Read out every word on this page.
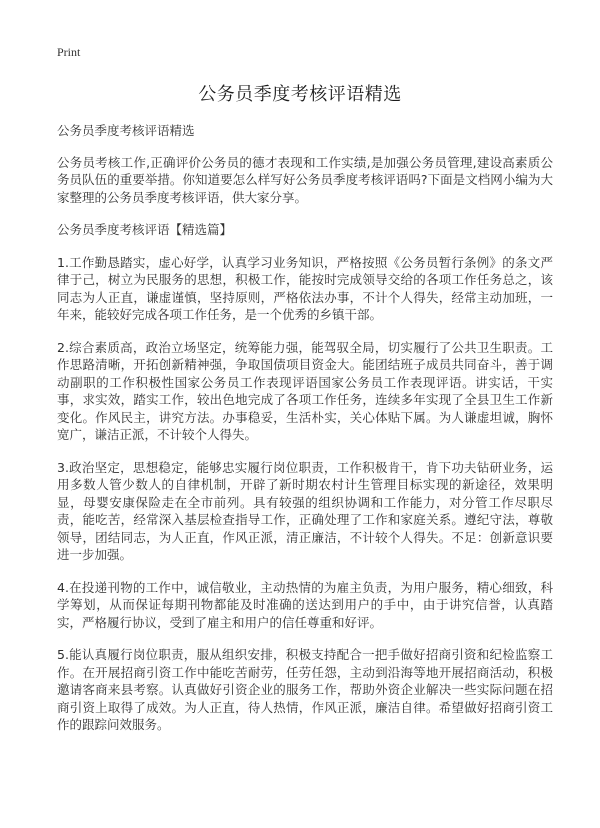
Print
公务员季度考核评语精选

公务员季度考核评语精选

公务员考核工作,正确评价公务员的德才表现和工作实绩,是加强公务员管理,建设高素质公务员队伍的重要举措。你知道要怎么样写好公务员季度考核评语吗?下面是文档网小编为大家整理的公务员季度考核评语，供大家分享。

公务员季度考核评语【精选篇】

1.工作勤恳踏实，虚心好学，认真学习业务知识，严格按照《公务员暂行条例》的条文严律于己，树立为民服务的思想，积极工作，能按时完成领导交给的各项工作任务总之，该同志为人正直，谦虚谨慎，坚持原则，严格依法办事，不计个人得失，经常主动加班，一年来，能较好完成各项工作任务，是一个优秀的乡镇干部。

2.综合素质高，政治立场坚定，统筹能力强，能驾驭全局，切实履行了公共卫生职责。工作思路清晰，开拓创新精神强，争取国债项目资金大。能团结班子成员共同奋斗，善于调动副职的工作积极性国家公务员工作表现评语国家公务员工作表现评语。讲实话，干实事，求实效，踏实工作，较出色地完成了各项工作任务，连续多年实现了全县卫生工作新变化。作风民主，讲究方法。办事稳妥，生活朴实，关心体贴下属。为人谦虚坦诚，胸怀宽广，谦洁正派，不计较个人得失。

3.政治坚定，思想稳定，能够忠实履行岗位职责，工作积极肯干，肯下功夫钻研业务，运用多数人管少数人的自律机制，开辟了新时期农村计生管理目标实现的新途径，效果明显，母婴安康保险走在全市前列。具有较强的组织协调和工作能力，对分管工作尽职尽责，能吃苦，经常深入基层检查指导工作，正确处理了工作和家庭关系。遵纪守法，尊敬领导，团结同志，为人正直，作风正派，清正廉洁，不计较个人得失。不足：创新意识要进一步加强。

4.在投递刊物的工作中，诚信敬业，主动热情的为雇主负责，为用户服务，精心细致，科学筹划，从而保证每期刊物都能及时准确的送达到用户的手中，由于讲究信誉，认真踏实，严格履行协议，受到了雇主和用户的信任尊重和好评。

5.能认真履行岗位职责，服从组织安排，积极支持配合一把手做好招商引资和纪检监察工作。在开展招商引资工作中能吃苦耐劳，任劳任怨，主动到沿海等地开展招商活动，积极邀请客商来县考察。认真做好引资企业的服务工作，帮助外资企业解决一些实际问题在招商引资上取得了成效。为人正直，待人热情，作风正派，廉洁自律。希望做好招商引资工作的跟踪问效服务。
